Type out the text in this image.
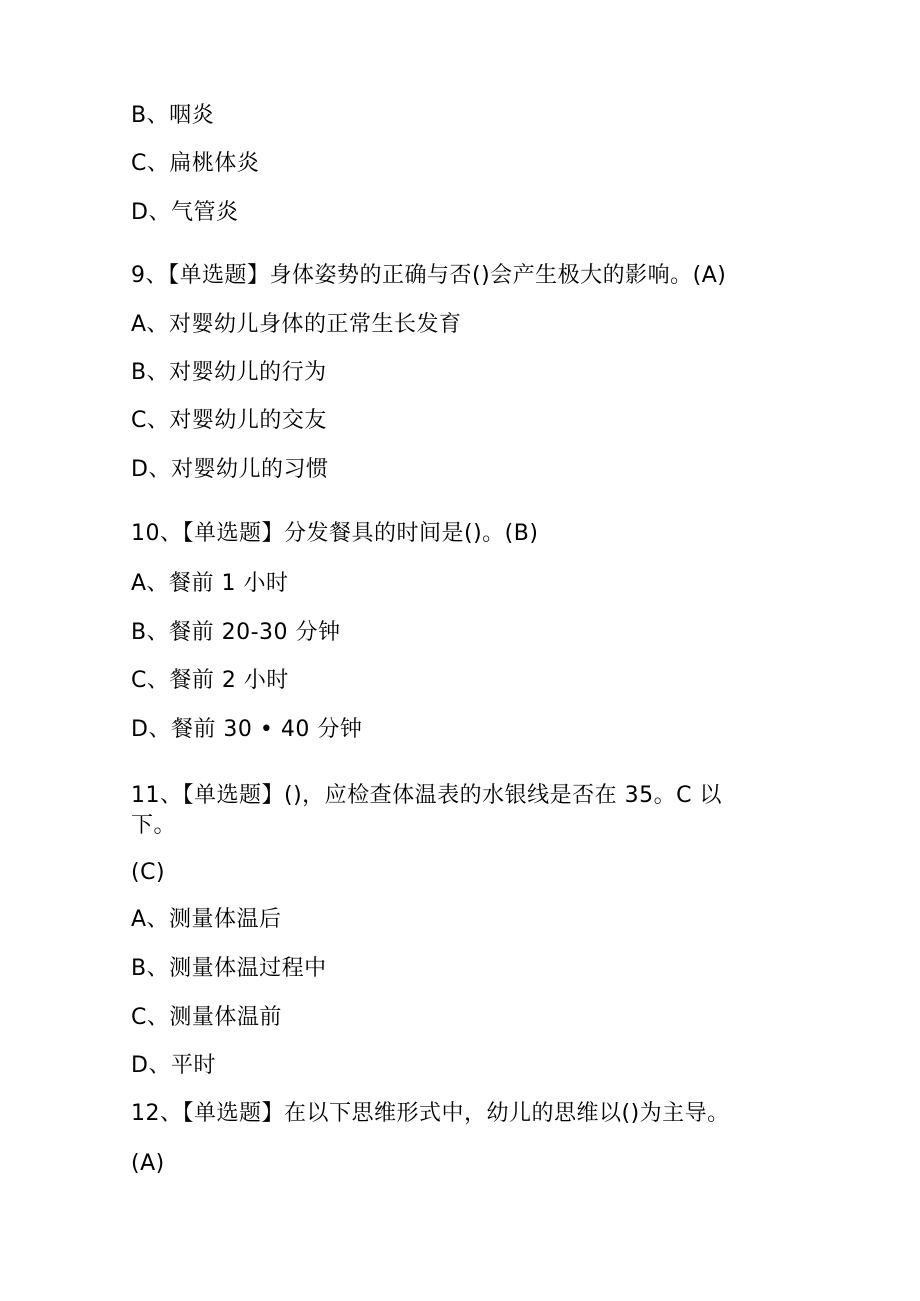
B、咽炎
C、扁桃体炎
D、气管炎
9、【单选题】身体姿势的正确与否()会产生极大的影响。(A)
A、对婴幼儿身体的正常生长发育
B、对婴幼儿的行为
C、对婴幼儿的交友
D、对婴幼儿的习惯
10、【单选题】分发餐具的时间是()。(B)
A、餐前 1 小时
B、餐前 20-30 分钟
C、餐前 2 小时
D、餐前 30 • 40 分钟
11、【单选题】()，应检查体温表的水银线是否在 35。C 以
下。
(C)
A、测量体温后
B、测量体温过程中
C、测量体温前
D、平时
12、【单选题】在以下思维形式中，幼儿的思维以()为主导。
(A)
